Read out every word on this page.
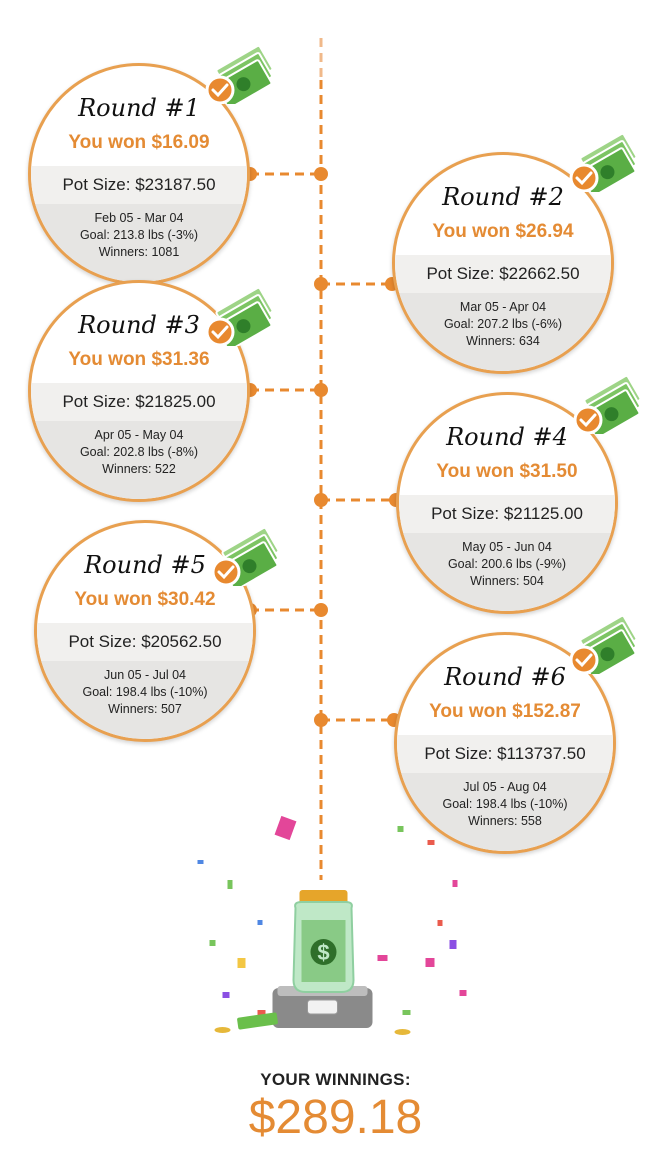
Round #1
You won $16.09
Pot Size: $23187.50
Feb 05 - Mar 04
Goal: 213.8 lbs (-3%)
Winners: 1081
Round #2
You won $26.94
Pot Size: $22662.50
Mar 05 - Apr 04
Goal: 207.2 lbs (-6%)
Winners: 634
Round #3
You won $31.36
Pot Size: $21825.00
Apr 05 - May 04
Goal: 202.8 lbs (-8%)
Winners: 522
Round #4
You won $31.50
Pot Size: $21125.00
May 05 - Jun 04
Goal: 200.6 lbs (-9%)
Winners: 504
Round #5
You won $30.42
Pot Size: $20562.50
Jun 05 - Jul 04
Goal: 198.4 lbs (-10%)
Winners: 507
Round #6
You won $152.87
Pot Size: $113737.50
Jul 05 - Aug 04
Goal: 198.4 lbs (-10%)
Winners: 558
$
YOUR WINNINGS:
$289.18
